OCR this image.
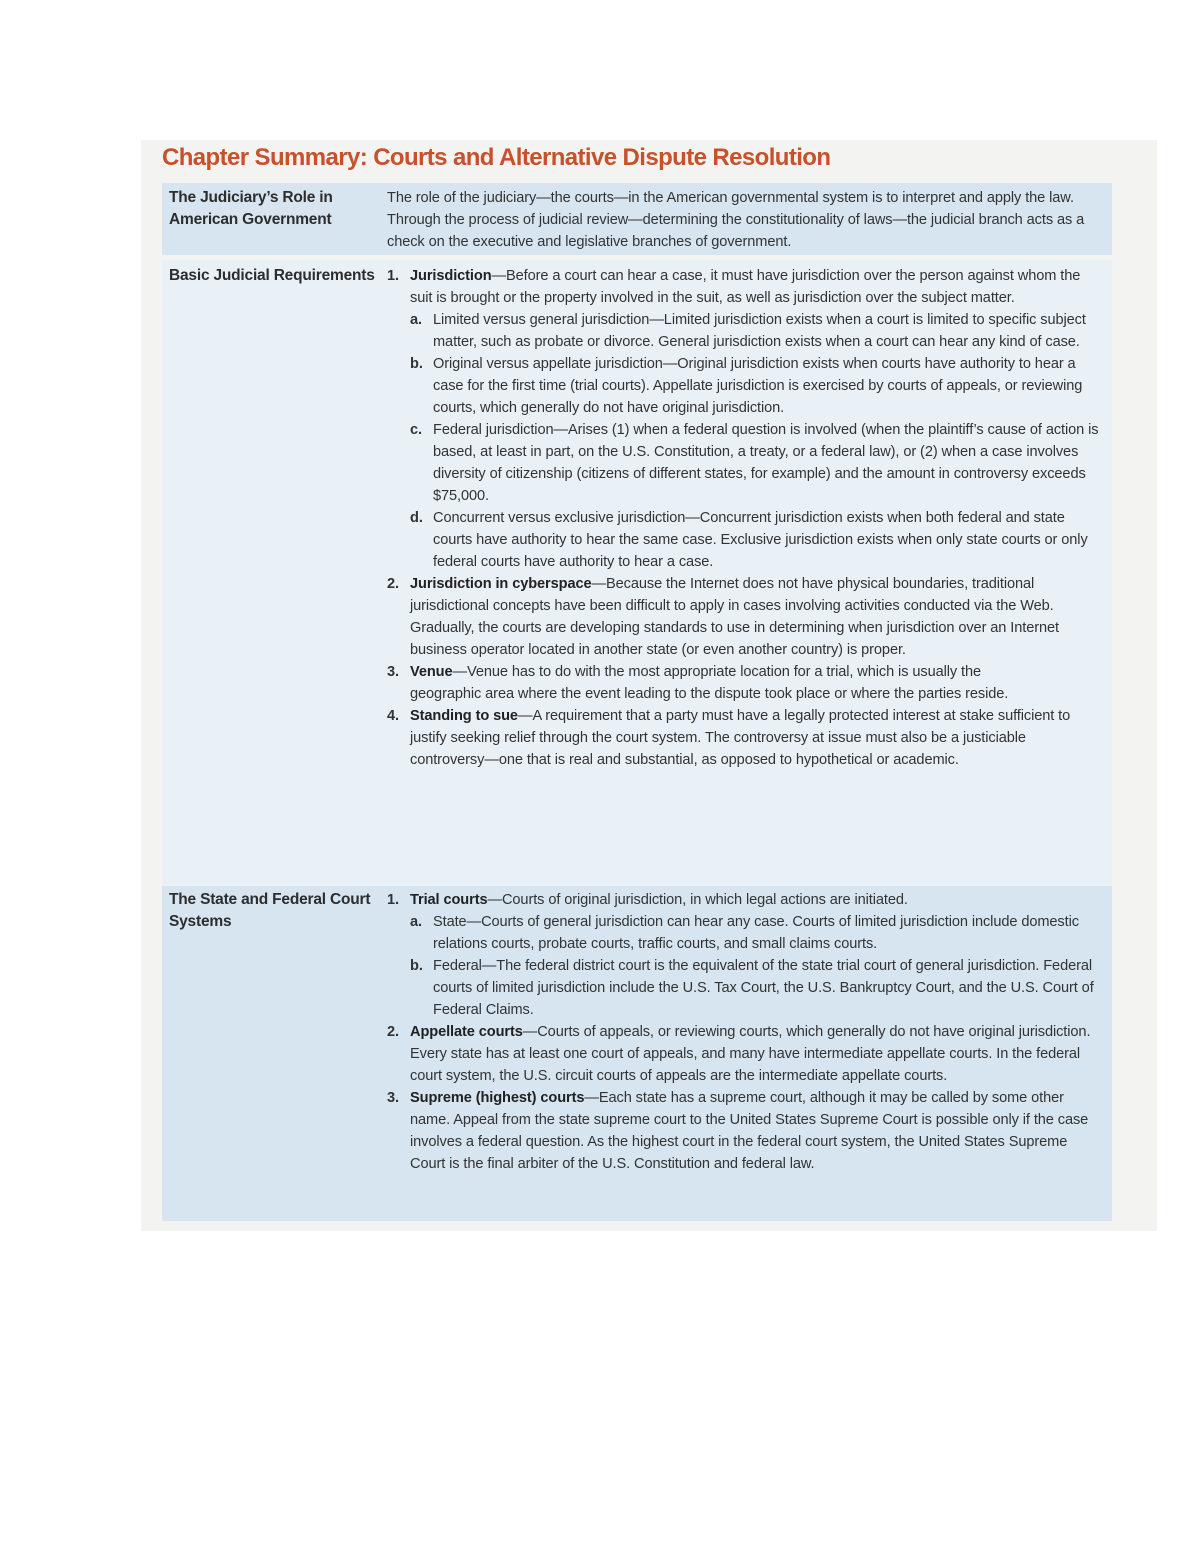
Chapter Summary: Courts and Alternative Dispute Resolution
The Judiciary’s Role in American Government
The role of the judiciary—the courts—in the American governmental system is to interpret and apply the law. Through the process of judicial review—determining the constitutionality of laws—the judicial branch acts as a check on the executive and legislative branches of government.
Basic Judicial Requirements 1. Jurisdiction—Before a court can hear a case, it must have jurisdiction over the person against whom the suit is brought or the property involved in the suit, as well as jurisdiction over the subject matter.
a. Limited versus general jurisdiction—Limited jurisdiction exists when a court is limited to specific subject matter, such as probate or divorce. General jurisdiction exists when a court can hear any kind of case.
b. Original versus appellate jurisdiction—Original jurisdiction exists when courts have authority to hear a case for the first time (trial courts). Appellate jurisdiction is exercised by courts of appeals, or reviewing courts, which generally do not have original jurisdiction.
c. Federal jurisdiction—Arises (1) when a federal question is involved (when the plaintiff’s cause of action is based, at least in part, on the U.S. Constitution, a treaty, or a federal law), or (2) when a case involves diversity of citizenship (citizens of different states, for example) and the amount in controversy exceeds $75,000.
d. Concurrent versus exclusive jurisdiction—Concurrent jurisdiction exists when both federal and state courts have authority to hear the same case. Exclusive jurisdiction exists when only state courts or only federal courts have authority to hear a case.
2. Jurisdiction in cyberspace—Because the Internet does not have physical boundaries, traditional jurisdictional concepts have been difficult to apply in cases involving activities conducted via the Web. Gradually, the courts are developing standards to use in determining when jurisdiction over an Internet business operator located in another state (or even another country) is proper.
3. Venue—Venue has to do with the most appropriate location for a trial, which is usually the geographic area where the event leading to the dispute took place or where the parties reside.
4. Standing to sue—A requirement that a party must have a legally protected interest at stake sufficient to justify seeking relief through the court system. The controversy at issue must also be a justiciable controversy—one that is real and substantial, as opposed to hypothetical or academic.
The State and Federal Court Systems
1. Trial courts—Courts of original jurisdiction, in which legal actions are initiated.
a. State—Courts of general jurisdiction can hear any case. Courts of limited jurisdiction include domestic relations courts, probate courts, traffic courts, and small claims courts.
b. Federal—The federal district court is the equivalent of the state trial court of general jurisdiction. Federal courts of limited jurisdiction include the U.S. Tax Court, the U.S. Bankruptcy Court, and the U.S. Court of Federal Claims.
2. Appellate courts—Courts of appeals, or reviewing courts, which generally do not have original jurisdiction. Every state has at least one court of appeals, and many have intermediate appellate courts. In the federal court system, the U.S. circuit courts of appeals are the intermediate appellate courts.
3. Supreme (highest) courts—Each state has a supreme court, although it may be called by some other name. Appeal from the state supreme court to the United States Supreme Court is possible only if the case involves a federal question. As the highest court in the federal court system, the United States Supreme Court is the final arbiter of the U.S. Constitution and federal law.
